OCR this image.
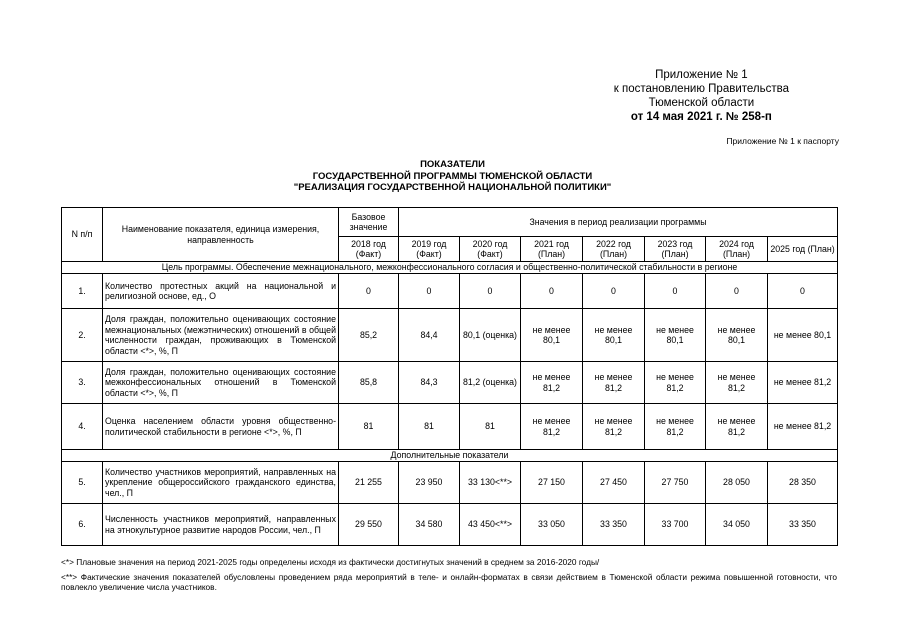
Приложение № 1
к постановлению Правительства
Тюменской области
от 14 мая 2021 г. № 258-п
Приложение № 1 к паспорту
ПОКАЗАТЕЛИ
ГОСУДАРСТВЕННОЙ ПРОГРАММЫ ТЮМЕНСКОЙ ОБЛАСТИ
"РЕАЛИЗАЦИЯ ГОСУДАРСТВЕННОЙ НАЦИОНАЛЬНОЙ ПОЛИТИКИ"
N п/п	Наименование показателя, единица измерения, направленность	Базовое значение	Значения в период реализации программы						
		2018 год (Факт)	2019 год (Факт)	2020 год (Факт)	2021 год (План)	2022 год (План)	2023 год (План)	2024 год (План)	2025 год (План)
Цель программы. Обеспечение межнационального, межконфессионального согласия и общественно-политической стабильности в регионе									
1.	Количество протестных акций на национальной и религиозной основе, ед., О	0	0	0	0	0	0	0	0
2.	Доля граждан, положительно оценивающих состояние межнациональных (межэтнических) отношений в общей численности граждан, проживающих в Тюменской области <*>, %, П	85,2	84,4	80,1 (оценка)	не менее 80,1	не менее 80,1	не менее 80,1	не менее 80,1	не менее 80,1
3.	Доля граждан, положительно оценивающих состояние межконфессиональных отношений в Тюменской области <*>, %, П	85,8	84,3	81,2 (оценка)	не менее 81,2	не менее 81,2	не менее 81,2	не менее 81,2	не менее 81,2
4.	Оценка населением области уровня общественно-политической стабильности в регионе <*>, %, П	81	81	81	не менее 81,2	не менее 81,2	не менее 81,2	не менее 81,2	не менее 81,2
Дополнительные показатели									
5.	Количество участников мероприятий, направленных на укрепление общероссийского гражданского единства, чел., П	21 255	23 950	33 130<**>	27 150	27 450	27 750	28 050	28 350
6.	Численность участников мероприятий, направленных на этнокультурное развитие народов России, чел., П	29 550	34 580	43 450<**>	33 050	33 350	33 700	34 050	33 350

<*> Плановые значения на период 2021-2025 годы определены исходя из фактически достигнутых значений в среднем за 2016-2020 годы/

<**> Фактические значения показателей обусловлены проведением ряда мероприятий в теле- и онлайн-форматах в связи действием в Тюменской области режима повышенной готовности, что повлекло увеличение числа участников.
